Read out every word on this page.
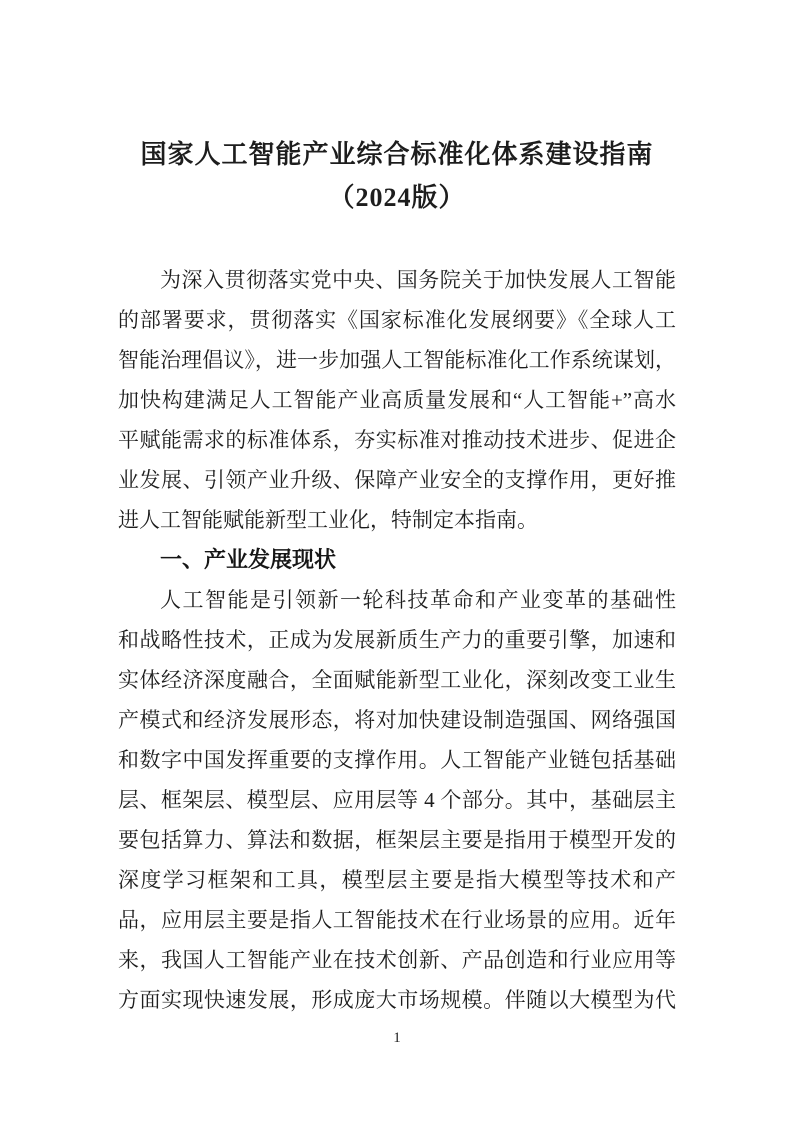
国家人工智能产业综合标准化体系建设指南
（2024版）
为深入贯彻落实党中央、国务院关于加快发展人工智能
的部署要求，贯彻落实《国家标准化发展纲要》《全球人工
智能治理倡议》，进一步加强人工智能标准化工作系统谋划，
加快构建满足人工智能产业高质量发展和“人工智能+”高水
平赋能需求的标准体系，夯实标准对推动技术进步、促进企
业发展、引领产业升级、保障产业安全的支撑作用，更好推
进人工智能赋能新型工业化，特制定本指南。
一、产业发展现状
人工智能是引领新一轮科技革命和产业变革的基础性
和战略性技术，正成为发展新质生产力的重要引擎，加速和
实体经济深度融合，全面赋能新型工业化，深刻改变工业生
产模式和经济发展形态，将对加快建设制造强国、网络强国
和数字中国发挥重要的支撑作用。人工智能产业链包括基础
层、框架层、模型层、应用层等 4 个部分。其中，基础层主
要包括算力、算法和数据，框架层主要是指用于模型开发的
深度学习框架和工具，模型层主要是指大模型等技术和产
品，应用层主要是指人工智能技术在行业场景的应用。近年
来，我国人工智能产业在技术创新、产品创造和行业应用等
方面实现快速发展，形成庞大市场规模。伴随以大模型为代
1
